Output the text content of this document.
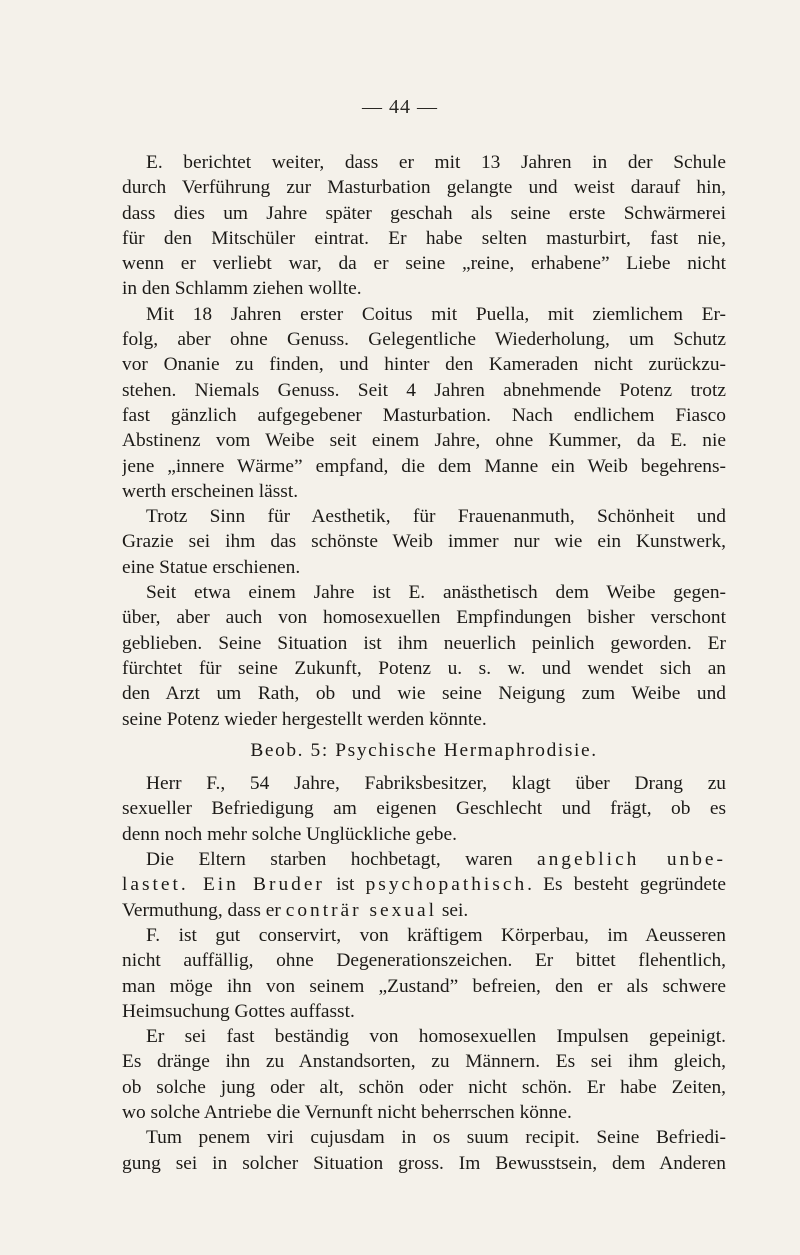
— 44 —
E. berichtet weiter, dass er mit 13 Jahren in der Schule
durch Verführung zur Masturbation gelangte und weist darauf hin,
dass dies um Jahre später geschah als seine erste Schwärmerei
für den Mitschüler eintrat. Er habe selten masturbirt, fast nie,
wenn er verliebt war, da er seine „reine, erhabene” Liebe nicht
in den Schlamm ziehen wollte.
Mit 18 Jahren erster Coitus mit Puella, mit ziemlichem Er-
folg, aber ohne Genuss. Gelegentliche Wiederholung, um Schutz
vor Onanie zu finden, und hinter den Kameraden nicht zurückzu-
stehen. Niemals Genuss. Seit 4 Jahren abnehmende Potenz trotz
fast gänzlich aufgegebener Masturbation. Nach endlichem Fiasco
Abstinenz vom Weibe seit einem Jahre, ohne Kummer, da E. nie
jene „innere Wärme” empfand, die dem Manne ein Weib begehrens-
werth erscheinen lässt.
Trotz Sinn für Aesthetik, für Frauenanmuth, Schönheit und
Grazie sei ihm das schönste Weib immer nur wie ein Kunstwerk,
eine Statue erschienen.
Seit etwa einem Jahre ist E. anästhetisch dem Weibe gegen-
über, aber auch von homosexuellen Empfindungen bisher verschont
geblieben. Seine Situation ist ihm neuerlich peinlich geworden. Er
fürchtet für seine Zukunft, Potenz u. s. w. und wendet sich an
den Arzt um Rath, ob und wie seine Neigung zum Weibe und
seine Potenz wieder hergestellt werden könnte.
Beob. 5: Psychische Hermaphrodisie.
Herr F., 54 Jahre, Fabriksbesitzer, klagt über Drang zu
sexueller Befriedigung am eigenen Geschlecht und frägt, ob es
denn noch mehr solche Unglückliche gebe.
Die Eltern starben hochbetagt, waren angeblich unbe-
lastet. Ein Bruder ist psychopathisch. Es besteht gegründete
Vermuthung, dass er conträr sexual sei.
F. ist gut conservirt, von kräftigem Körperbau, im Aeusseren
nicht auffällig, ohne Degenerationszeichen. Er bittet flehentlich,
man möge ihn von seinem „Zustand” befreien, den er als schwere
Heimsuchung Gottes auffasst.
Er sei fast beständig von homosexuellen Impulsen gepeinigt.
Es dränge ihn zu Anstandsorten, zu Männern. Es sei ihm gleich,
ob solche jung oder alt, schön oder nicht schön. Er habe Zeiten,
wo solche Antriebe die Vernunft nicht beherrschen könne.
Tum penem viri cujusdam in os suum recipit. Seine Befriedi-
gung sei in solcher Situation gross. Im Bewusstsein, dem Anderen
